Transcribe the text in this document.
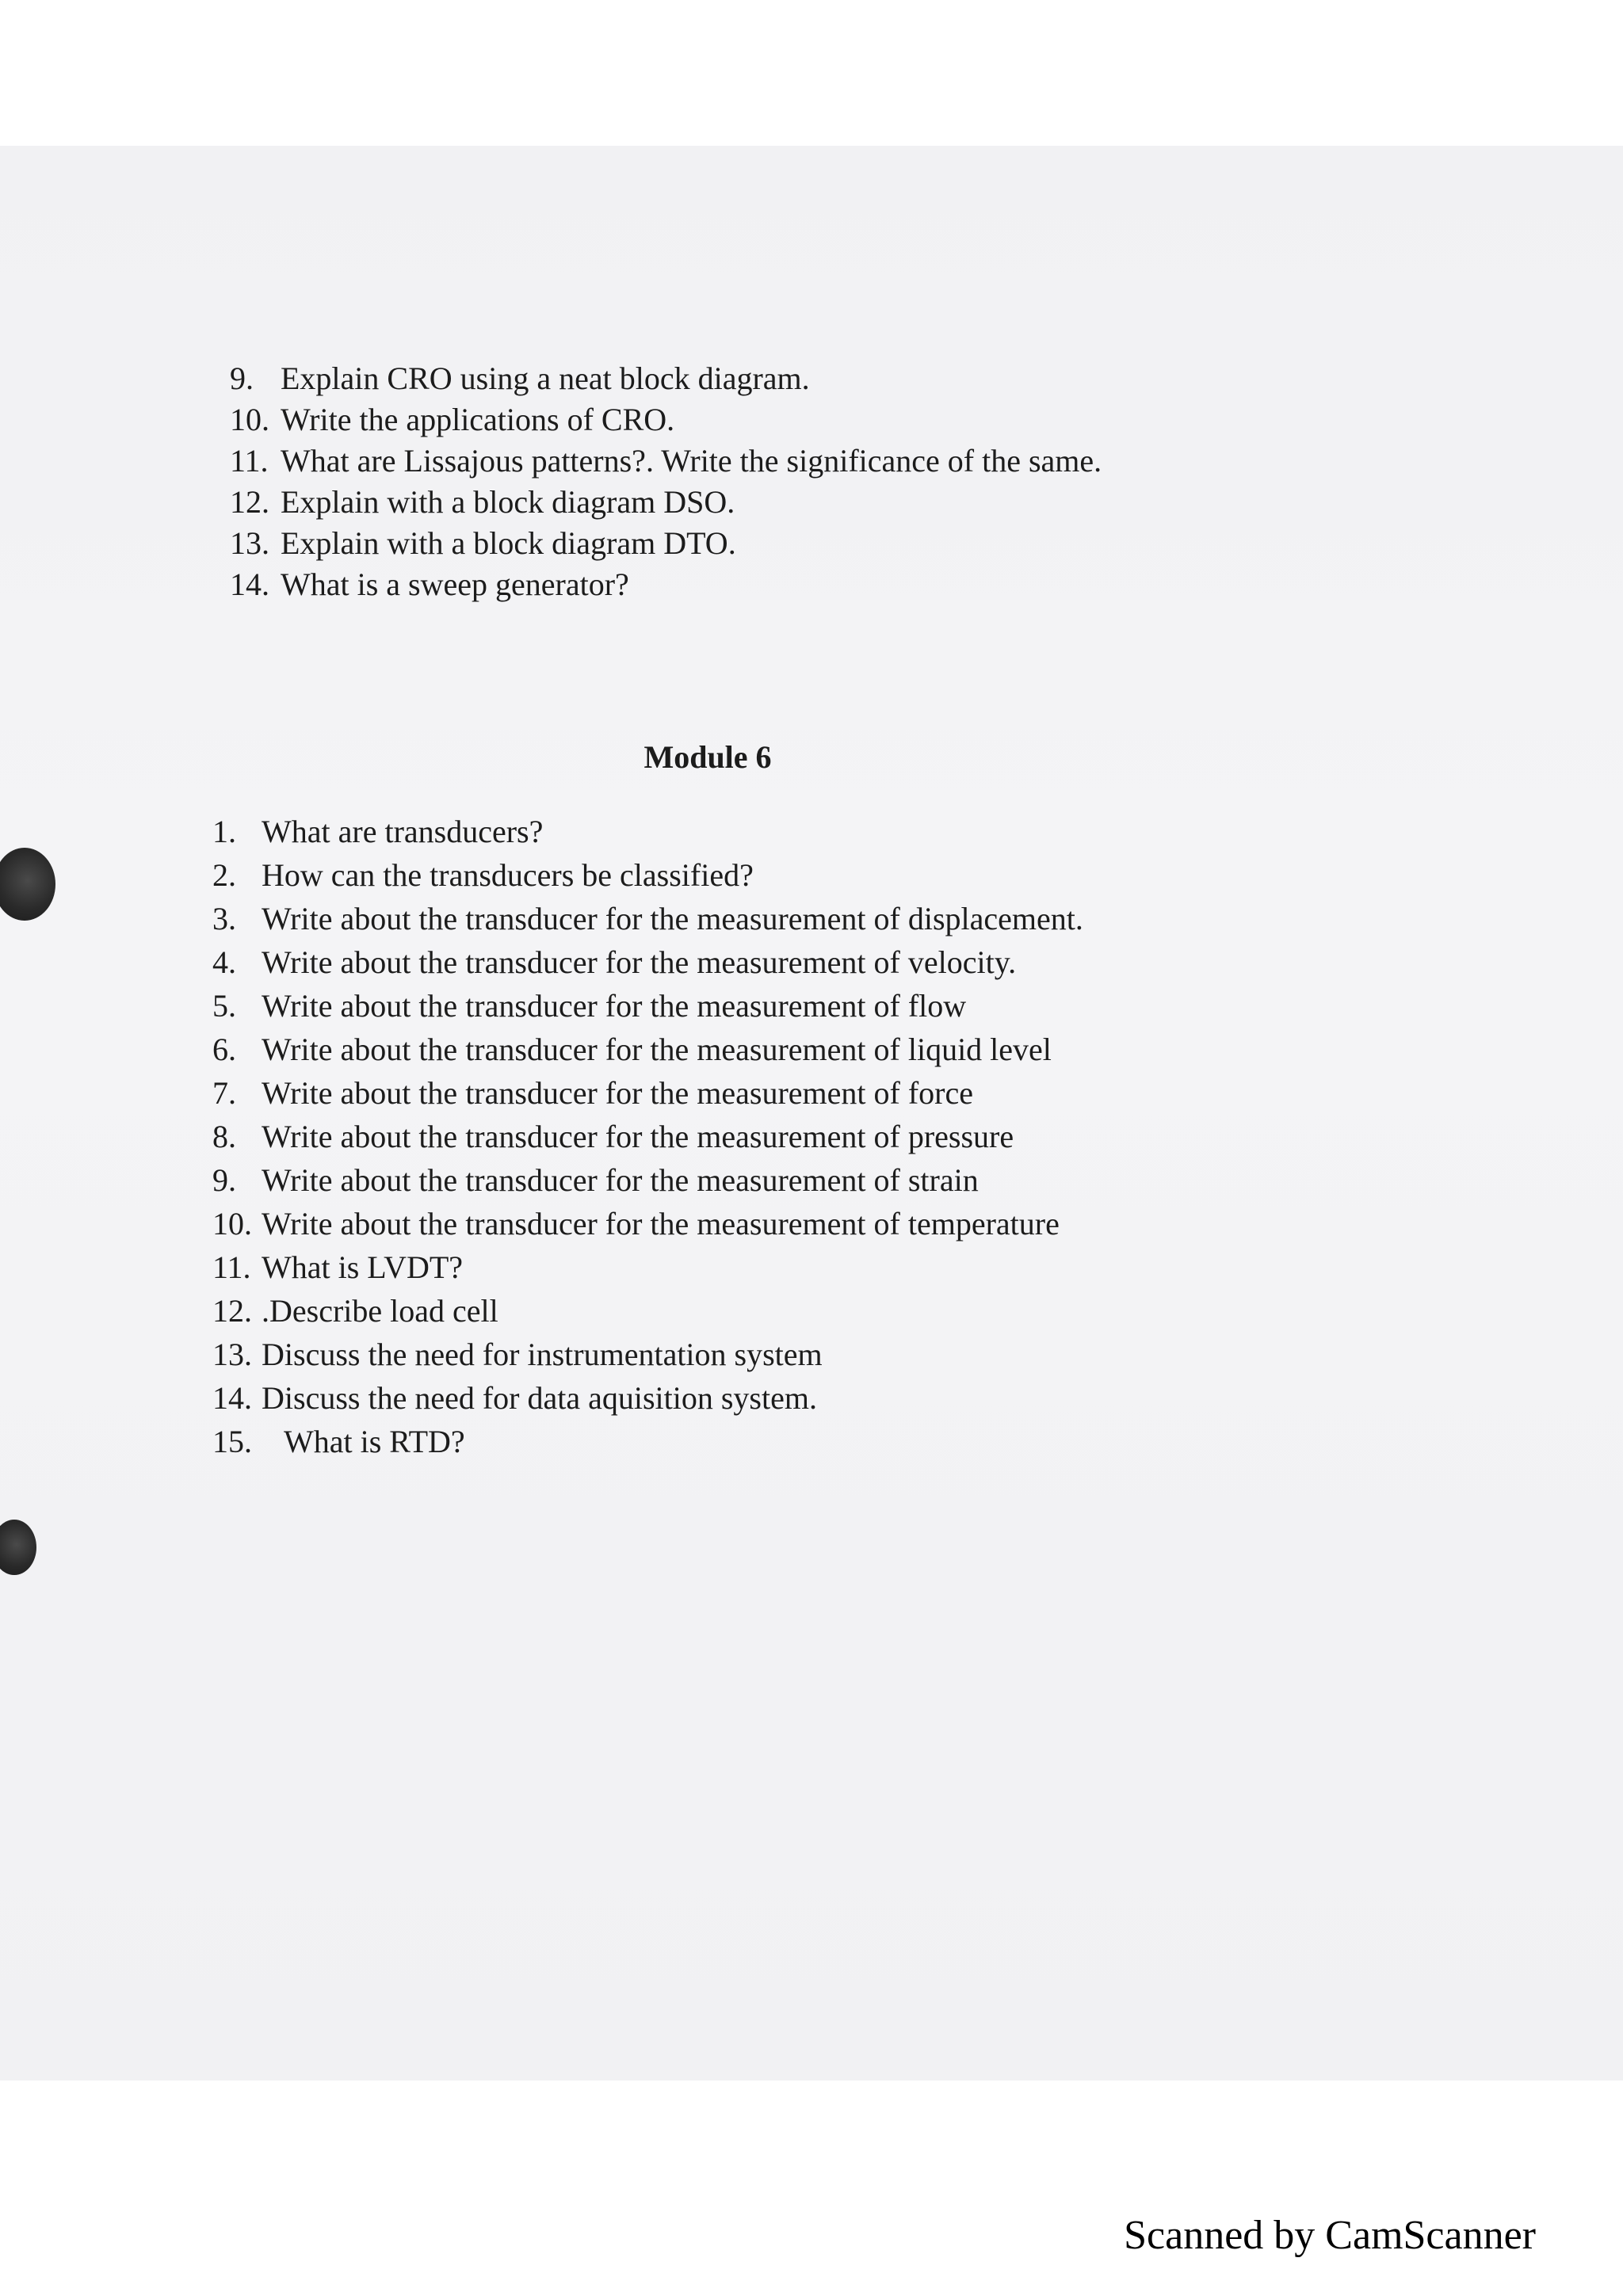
9. Explain CRO using a neat block diagram.
10. Write the applications of CRO.
11. What are Lissajous patterns?. Write the significance of the same.
12. Explain with a block diagram DSO.
13. Explain with a block diagram DTO.
14. What is a sweep generator?
Module 6
1. What are transducers?
2. How can the transducers be classified?
3. Write about the transducer for the measurement of displacement.
4. Write about the transducer for the measurement of velocity.
5. Write about the transducer for the measurement of flow
6. Write about the transducer for the measurement of liquid level
7. Write about the transducer for the measurement of force
8. Write about the transducer for the measurement of pressure
9. Write about the transducer for the measurement of strain
10. Write about the transducer for the measurement of temperature
11. What is LVDT?
12. .Describe load cell
13. Discuss the need for instrumentation system
14. Discuss the need for data aquisition system.
15. What is RTD?
Scanned by CamScanner
